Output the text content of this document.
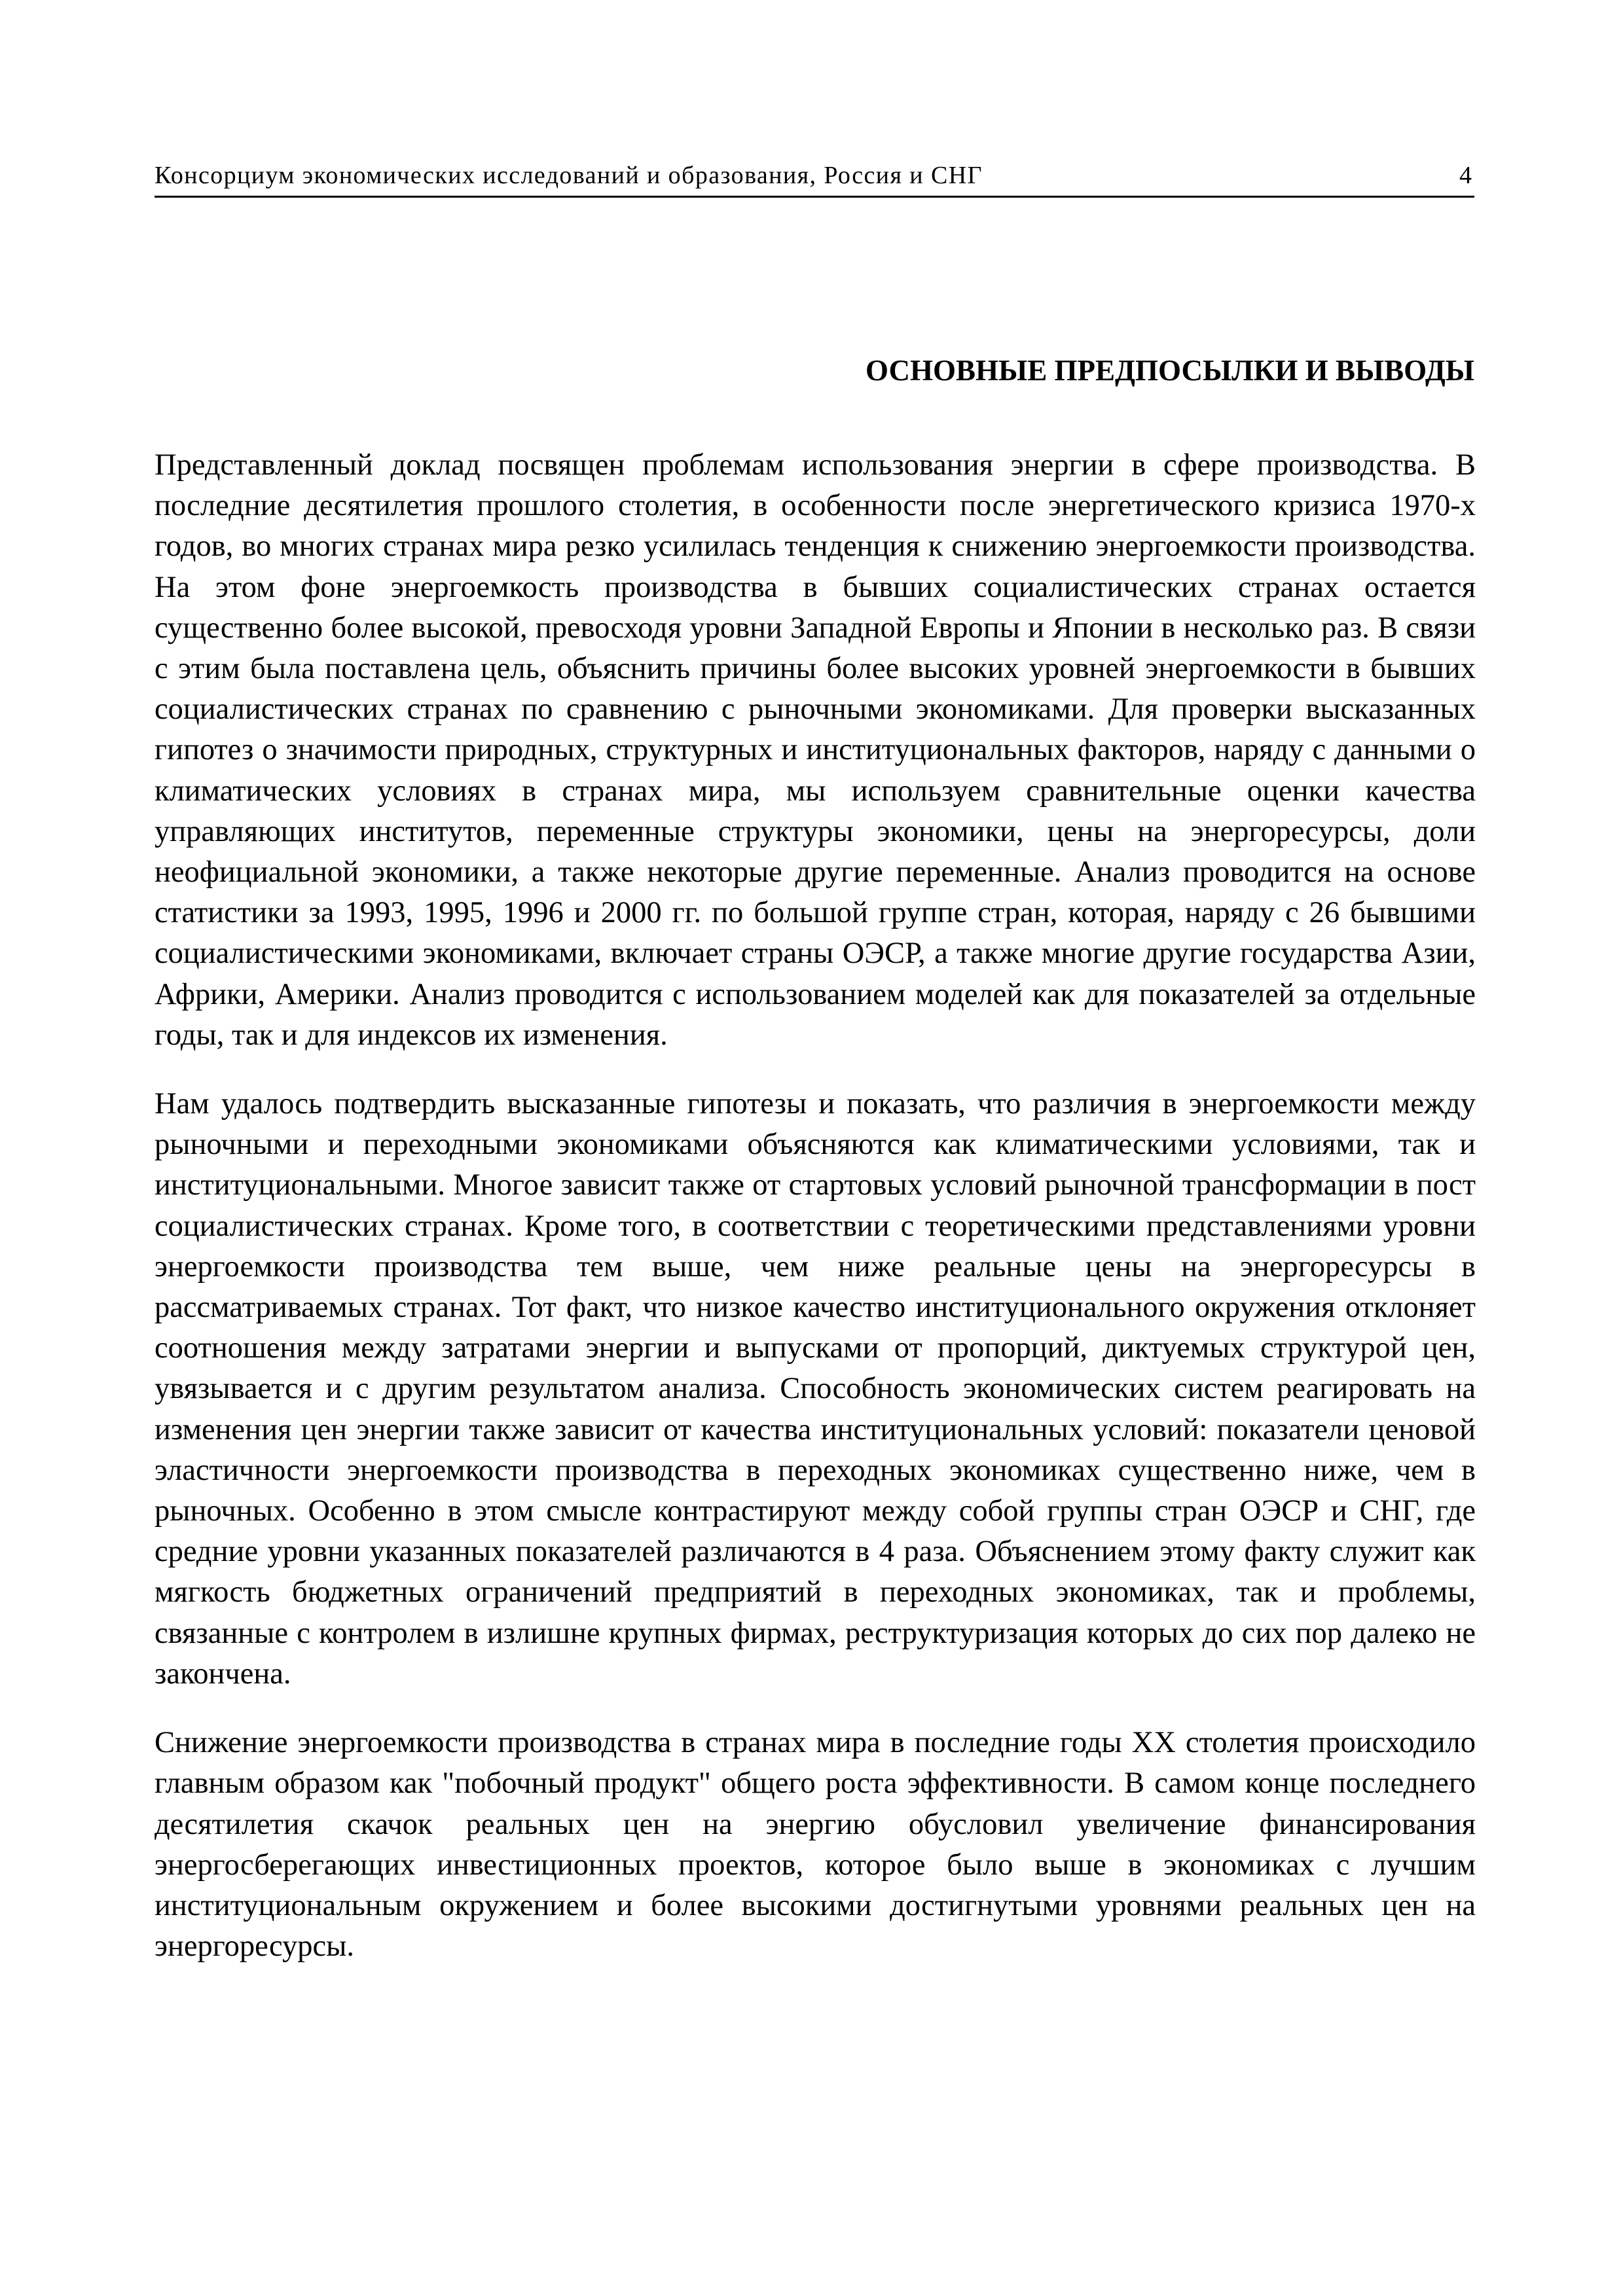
Консорциум экономических исследований и образования, Россия и СНГ	4
ОСНОВНЫЕ ПРЕДПОСЫЛКИ И ВЫВОДЫ

Представленный доклад посвящен проблемам использования энергии в сфере производства. В последние десятилетия прошлого столетия, в особенности после энергетического кризиса 1970-х годов, во многих странах мира резко усилилась тенденция к снижению энергоемкости производства. На этом фоне энергоемкость производства в бывших социалистических странах остается существенно более высокой, превосходя уровни Западной Европы и Японии в несколько раз. В связи с этим была поставлена цель, объяснить причины более высоких уровней энергоемкости в бывших социалистических странах по сравнению с рыночными экономиками. Для проверки высказанных гипотез о значимости природных, структурных и институциональных факторов, наряду с данными о климатических условиях в странах мира, мы используем сравнительные оценки качества управляющих институтов, переменные структуры экономики, цены на энергоресурсы, доли неофициальной экономики, а также некоторые другие переменные. Анализ проводится на основе статистики за 1993, 1995, 1996 и 2000 гг. по большой группе стран, которая, наряду с 26 бывшими социалистическими экономиками, включает страны ОЭСР, а также многие другие государства Азии, Африки, Америки. Анализ проводится с использованием моделей как для показателей за отдельные годы, так и для индексов их изменения.

Нам удалось подтвердить высказанные гипотезы и показать, что различия в энергоемкости между рыночными и переходными экономиками объясняются как климатическими условиями, так и институциональными. Многое зависит также от стартовых условий рыночной трансформации в пост социалистических странах. Кроме того, в соответствии с теоретическими представлениями уровни энергоемкости производства тем выше, чем ниже реальные цены на энергоресурсы в рассматриваемых странах. Тот факт, что низкое качество институционального окружения отклоняет соотношения между затратами энергии и выпусками от пропорций, диктуемых структурой цен, увязывается и с другим результатом анализа. Способность экономических систем реагировать на изменения цен энергии также зависит от качества институциональных условий: показатели ценовой эластичности энергоемкости производства в переходных экономиках существенно ниже, чем в рыночных. Особенно в этом смысле контрастируют между собой группы стран ОЭСР и СНГ, где средние уровни указанных показателей различаются в 4 раза. Объяснением этому факту служит как мягкость бюджетных ограничений предприятий в переходных экономиках, так и проблемы, связанные с контролем в излишне крупных фирмах, реструктуризация которых до сих пор далеко не закончена.

Снижение энергоемкости производства в странах мира в последние годы XX столетия происходило главным образом как "побочный продукт" общего роста эффективности. В самом конце последнего десятилетия скачок реальных цен на энергию обусловил увеличение финансирования энергосберегающих инвестиционных проектов, которое было выше в экономиках с лучшим институциональным окружением и более высокими достигнутыми уровнями реальных цен на энергоресурсы.
